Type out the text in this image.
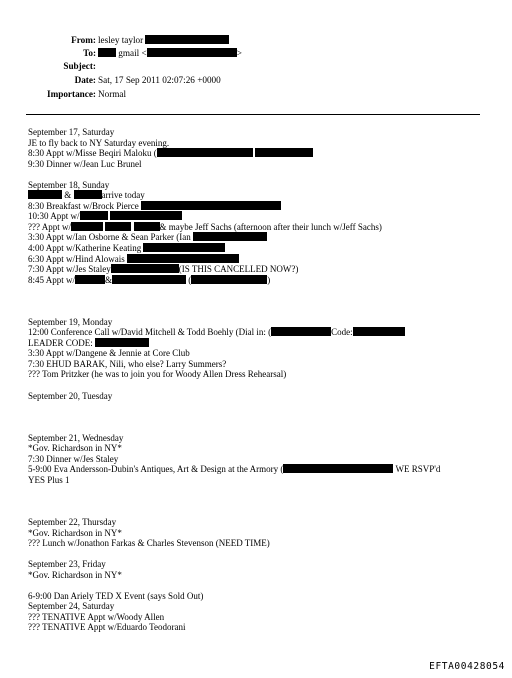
From: lesley taylor
To:	gmail <	>
Subject:
Date: Sat, 17 Sep 2011 02:07:26 +0000
Importance: Normal
September 17, Saturday
JE to fly back to NY Saturday evening.
8:30 Appt w/Misse Beqiri Maloku (
9:30 Dinner w/Jean Luc Brunel
September 18, Sunday
&	arrive today
8:30 Breakfast w/Brock Pierce
10:30 Appt w/
??? Appt w/	& maybe Jeff Sachs (afternoon after their lunch w/Jeff Sachs)
3:30 Appt w/Ian Osborne & Sean Parker (Ian
4:00 Appt w/Katherine Keating
6:30 Appt w/Hind Alowais
7:30 Appt w/Jes Staley	(IS THIS CANCELLED NOW?)
8:45 Appt w/	&	(	)
September 19, Monday
12:00 Conference Call w/David Mitchell & Todd Boehly (Dial in: (	Code:
LEADER CODE:
3:30 Appt w/Dangene & Jennie at Core Club
7:30 EHUD BARAK, Nili, who else? Larry Summers?
??? Tom Pritzker (he was to join you for Woody Allen Dress Rehearsal)
September 20, Tuesday
September 21, Wednesday
*Gov. Richardson in NY*
7:30 Dinner w/Jes Staley
5-9:00 Eva Andersson-Dubin's Antiques, Art & Design at the Armory (	WE RSVP'd
YES Plus 1
September 22, Thursday
*Gov. Richardson in NY*
??? Lunch w/Jonathon Farkas & Charles Stevenson (NEED TIME)
September 23, Friday
*Gov. Richardson in NY*
6-9:00 Dan Ariely TED X Event (says Sold Out)
September 24, Saturday
??? TENATIVE Appt w/Woody Allen
??? TENATIVE Appt w/Eduardo Teodorani
EFTA00428054
